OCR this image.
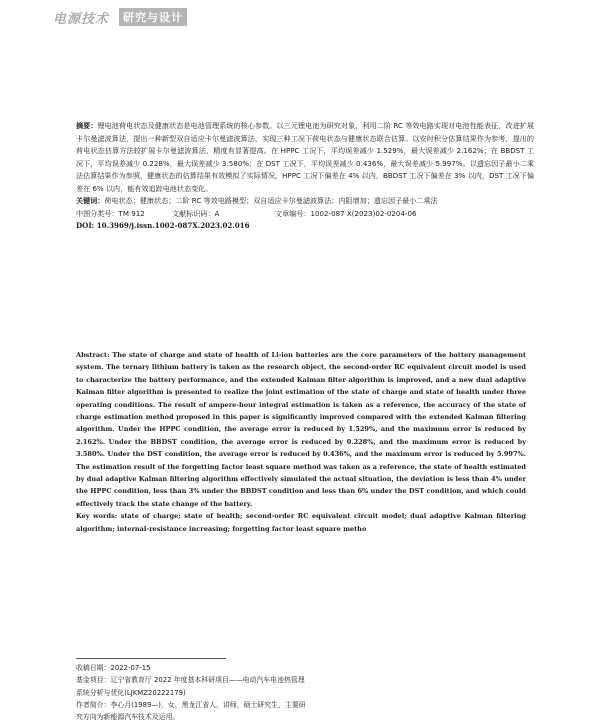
电源技术	研究与设计

摘要：锂电池荷电状态及健康状态是电池管理系统的核心参数。以三元锂电池为研究对象，利用二阶 RC 等效电路实现对电池性能表征，改进扩展卡尔曼滤波算法，提出一种新型双自适应卡尔曼滤波算法，实现三种工况下荷电状态与健康状态联合估算。以安时积分估算结果作为参考，提出的荷电状态估算方法较扩展卡尔曼滤波算法，精度有显著提高。在 HPPC 工况下，平均误差减少 1.529%，最大误差减少 2.162%；在 BBDST 工况下，平均误差减少 0.228%，最大误差减少 3.580%；在 DST 工况下，平均误差减少 0.436%，最大误差减少 5.997%。以遗忘因子最小二乘法估算结果作为参照，健康状态的估算结果有效模拟了实际情况，HPPC 工况下偏差在 4% 以内，BBDST 工况下偏差在 3% 以内，DST 工况下偏差在 6% 以内，能有效追踪电池状态变化。

关键词：荷电状态；健康状态；二阶 RC 等效电路模型；双自适应卡尔曼滤波算法；内阻增加；遗忘因子最小二乘法

中图分类号：TM 912	文献标识码：A	文章编号：1002-087 X(2023)02-0204-06

DOI: 10.3969/j.issn.1002-087X.2023.02.016

Abstract: The state of charge and state of health of Li-ion batteries are the core parameters of the battery management system. The ternary lithium battery is taken as the research object, the second-order RC equivalent circuit model is used to characterize the battery performance, and the extended Kalman filter algorithm is improved, and a new dual adaptive Kalman filter algorithm is presented to realize the joint estimation of the state of charge and state of health under three operating conditions. The result of ampere-hour integral estimation is taken as a reference, the accuracy of the state of charge estimation method proposed in this paper is significantly improved compared with the extended Kalman filtering algorithm. Under the HPPC condition, the average error is reduced by 1.529%, and the maximum error is reduced by 2.162%. Under the BBDST condition, the average error is reduced by 0.228%, and the maximum error is reduced by 3.580%. Under the DST condition, the average error is reduced by 0.436%, and the maximum error is reduced by 5.997%. The estimation result of the forgetting factor least square method was taken as a reference, the state of health estimated by dual adaptive Kalman filtering algorithm effectively simulated the actual situation, the deviation is less than 4% under the HPPC condition, less than 3% under the BBDST condition and less than 6% under the DST condition, and which could effectively track the state change of the battery.

Key words: state of charge; state of health; second-order RC equivalent circuit model; dual adaptive Kalman filtering algorithm; internal-resistance increasing; forgetting factor least square metho

收稿日期：2022-07-15

基金项目：辽宁省教育厅 2022 年度基本科研项目——电动汽车电池热管理系统分析与优化(LJKMZ20222179)

作者简介：李心月(1989—)，女，黑龙江省人，讲师，硕士研究生，主要研究方向为新能源汽车技术及运用。
